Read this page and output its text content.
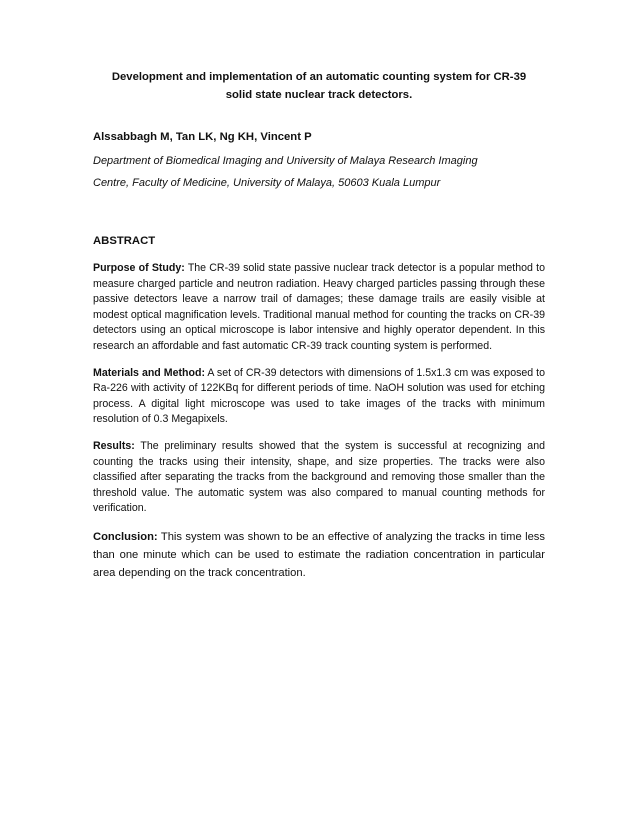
Development and implementation of an automatic counting system for CR-39
solid state nuclear track detectors.

Alssabbagh M, Tan LK, Ng KH, Vincent P

Department of Biomedical Imaging and University of Malaya Research Imaging
Centre, Faculty of Medicine, University of Malaya, 50603 Kuala Lumpur

ABSTRACT

Purpose of Study: The CR-39 solid state passive nuclear track detector is a popular method to measure charged particle and neutron radiation. Heavy charged particles passing through these passive detectors leave a narrow trail of damages; these damage trails are easily visible at modest optical magnification levels. Traditional manual method for counting the tracks on CR-39 detectors using an optical microscope is labor intensive and highly operator dependent. In this research an affordable and fast automatic CR-39 track counting system is performed.

Materials and Method: A set of CR-39 detectors with dimensions of 1.5x1.3 cm was exposed to Ra-226 with activity of 122KBq for different periods of time. NaOH solution was used for etching process. A digital light microscope was used to take images of the tracks with minimum resolution of 0.3 Megapixels.

Results: The preliminary results showed that the system is successful at recognizing and counting the tracks using their intensity, shape, and size properties. The tracks were also classified after separating the tracks from the background and removing those smaller than the threshold value. The automatic system was also compared to manual counting methods for verification.

Conclusion: This system was shown to be an effective of analyzing the tracks in time less than one minute which can be used to estimate the radiation concentration in particular area depending on the track concentration.
